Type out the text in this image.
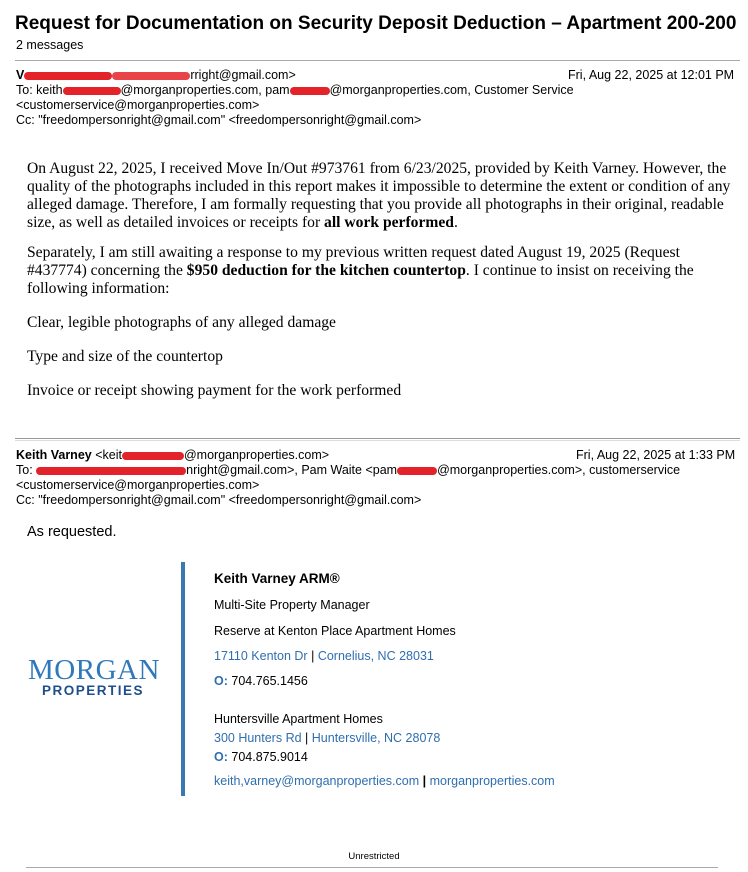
Request for Documentation on Security Deposit Deduction – Apartment 200-200
2 messages
V	rright@gmail.com>	Fri, Aug 22, 2025 at 12:01 PM
To: keith	@morganproperties.com, pam	@morganproperties.com, Customer Service
<customerservice@morganproperties.com>
Cc: "freedompersonright@gmail.com" <freedompersonright@gmail.com>

On August 22, 2025, I received Move In/Out #973761 from 6/23/2025, provided by Keith Varney. However, the quality of the photographs included in this report makes it impossible to determine the extent or condition of any alleged damage. Therefore, I am formally requesting that you provide all photographs in their original, readable size, as well as detailed invoices or receipts for all work performed.

Separately, I am still awaiting a response to my previous written request dated August 19, 2025 (Request #437774) concerning the $950 deduction for the kitchen countertop. I continue to insist on receiving the following information:

Clear, legible photographs of any alleged damage

Type and size of the countertop

Invoice or receipt showing payment for the work performed

Keith Varney <keit	@morganproperties.com>	Fri, Aug 22, 2025 at 1:33 PM
To:	nright@gmail.com>, Pam Waite <pam	@morganproperties.com>, customerservice
<customerservice@morganproperties.com>
Cc: "freedompersonright@gmail.com" <freedompersonright@gmail.com>
As requested.
MORGAN
PROPERTIES
Keith Varney ARM®
Multi-Site Property Manager
Reserve at Kenton Place Apartment Homes
17110 Kenton Dr | Cornelius, NC 28031
O: 704.765.1456
Huntersville Apartment Homes
300 Hunters Rd | Huntersville, NC 28078
O: 704.875.9014
keith,varney@morganproperties.com | morganproperties.com
Unrestricted
